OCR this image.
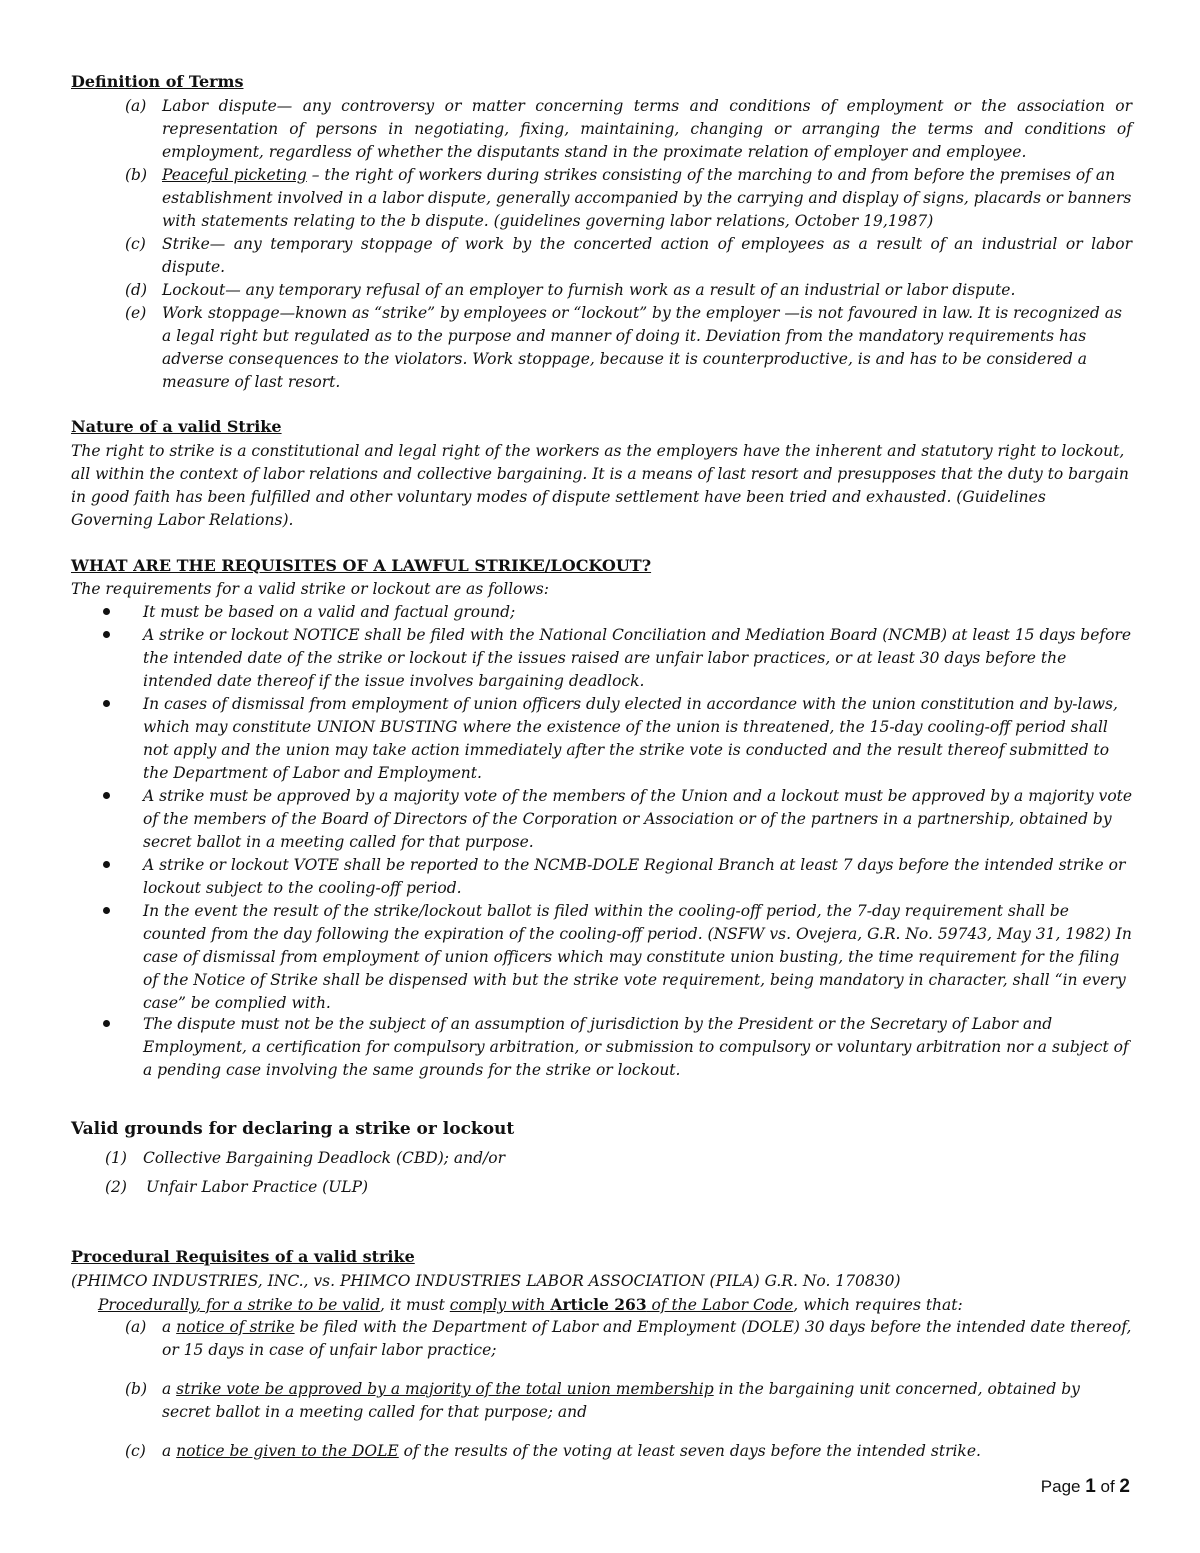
Definition of Terms
(a) Labor dispute— any controversy or matter concerning terms and conditions of employment or the association or representation of persons in negotiating, fixing, maintaining, changing or arranging the terms and conditions of employment, regardless of whether the disputants stand in the proximate relation of employer and employee.
(b) Peaceful picketing – the right of workers during strikes consisting of the marching to and from before the premises of an establishment involved in a labor dispute, generally accompanied by the carrying and display of signs, placards or banners with statements relating to the b dispute. (guidelines governing labor relations, October 19,1987)
(c) Strike— any temporary stoppage of work by the concerted action of employees as a result of an industrial or labor dispute.
(d) Lockout— any temporary refusal of an employer to furnish work as a result of an industrial or labor dispute.
(e) Work stoppage—known as “strike” by employees or “lockout” by the employer —is not favoured in law. It is recognized as a legal right but regulated as to the purpose and manner of doing it. Deviation from the mandatory requirements has adverse consequences to the violators. Work stoppage, because it is counterproductive, is and has to be considered a measure of last resort.
Nature of a valid Strike
The right to strike is a constitutional and legal right of the workers as the employers have the inherent and statutory right to lockout, all within the context of labor relations and collective bargaining. It is a means of last resort and presupposes that the duty to bargain in good faith has been fulfilled and other voluntary modes of dispute settlement have been tried and exhausted. (Guidelines Governing Labor Relations).
WHAT ARE THE REQUISITES OF A LAWFUL STRIKE/LOCKOUT?
The requirements for a valid strike or lockout are as follows:
It must be based on a valid and factual ground;
A strike or lockout NOTICE shall be filed with the National Conciliation and Mediation Board (NCMB) at least 15 days before the intended date of the strike or lockout if the issues raised are unfair labor practices, or at least 30 days before the intended date thereof if the issue involves bargaining deadlock.
In cases of dismissal from employment of union officers duly elected in accordance with the union constitution and by-laws, which may constitute UNION BUSTING where the existence of the union is threatened, the 15-day cooling-off period shall not apply and the union may take action immediately after the strike vote is conducted and the result thereof submitted to the Department of Labor and Employment.
A strike must be approved by a majority vote of the members of the Union and a lockout must be approved by a majority vote of the members of the Board of Directors of the Corporation or Association or of the partners in a partnership, obtained by secret ballot in a meeting called for that purpose.
A strike or lockout VOTE shall be reported to the NCMB-DOLE Regional Branch at least 7 days before the intended strike or lockout subject to the cooling-off period.
In the event the result of the strike/lockout ballot is filed within the cooling-off period, the 7-day requirement shall be counted from the day following the expiration of the cooling-off period. (NSFW vs. Ovejera, G.R. No. 59743, May 31, 1982) In case of dismissal from employment of union officers which may constitute union busting, the time requirement for the filing of the Notice of Strike shall be dispensed with but the strike vote requirement, being mandatory in character, shall “in every case” be complied with.
The dispute must not be the subject of an assumption of jurisdiction by the President or the Secretary of Labor and Employment, a certification for compulsory arbitration, or submission to compulsory or voluntary arbitration nor a subject of a pending case involving the same grounds for the strike or lockout.
Valid grounds for declaring a strike or lockout
(1) Collective Bargaining Deadlock (CBD); and/or
(2) Unfair Labor Practice (ULP)
Procedural Requisites of a valid strike
(PHIMCO INDUSTRIES, INC., vs. PHIMCO INDUSTRIES LABOR ASSOCIATION (PILA) G.R. No. 170830)
Procedurally, for a strike to be valid, it must comply with Article 263 of the Labor Code, which requires that:
(a) a notice of strike be filed with the Department of Labor and Employment (DOLE) 30 days before the intended date thereof, or 15 days in case of unfair labor practice;
(b) a strike vote be approved by a majority of the total union membership in the bargaining unit concerned, obtained by secret ballot in a meeting called for that purpose; and
(c) a notice be given to the DOLE of the results of the voting at least seven days before the intended strike.
Page 1 of 2
